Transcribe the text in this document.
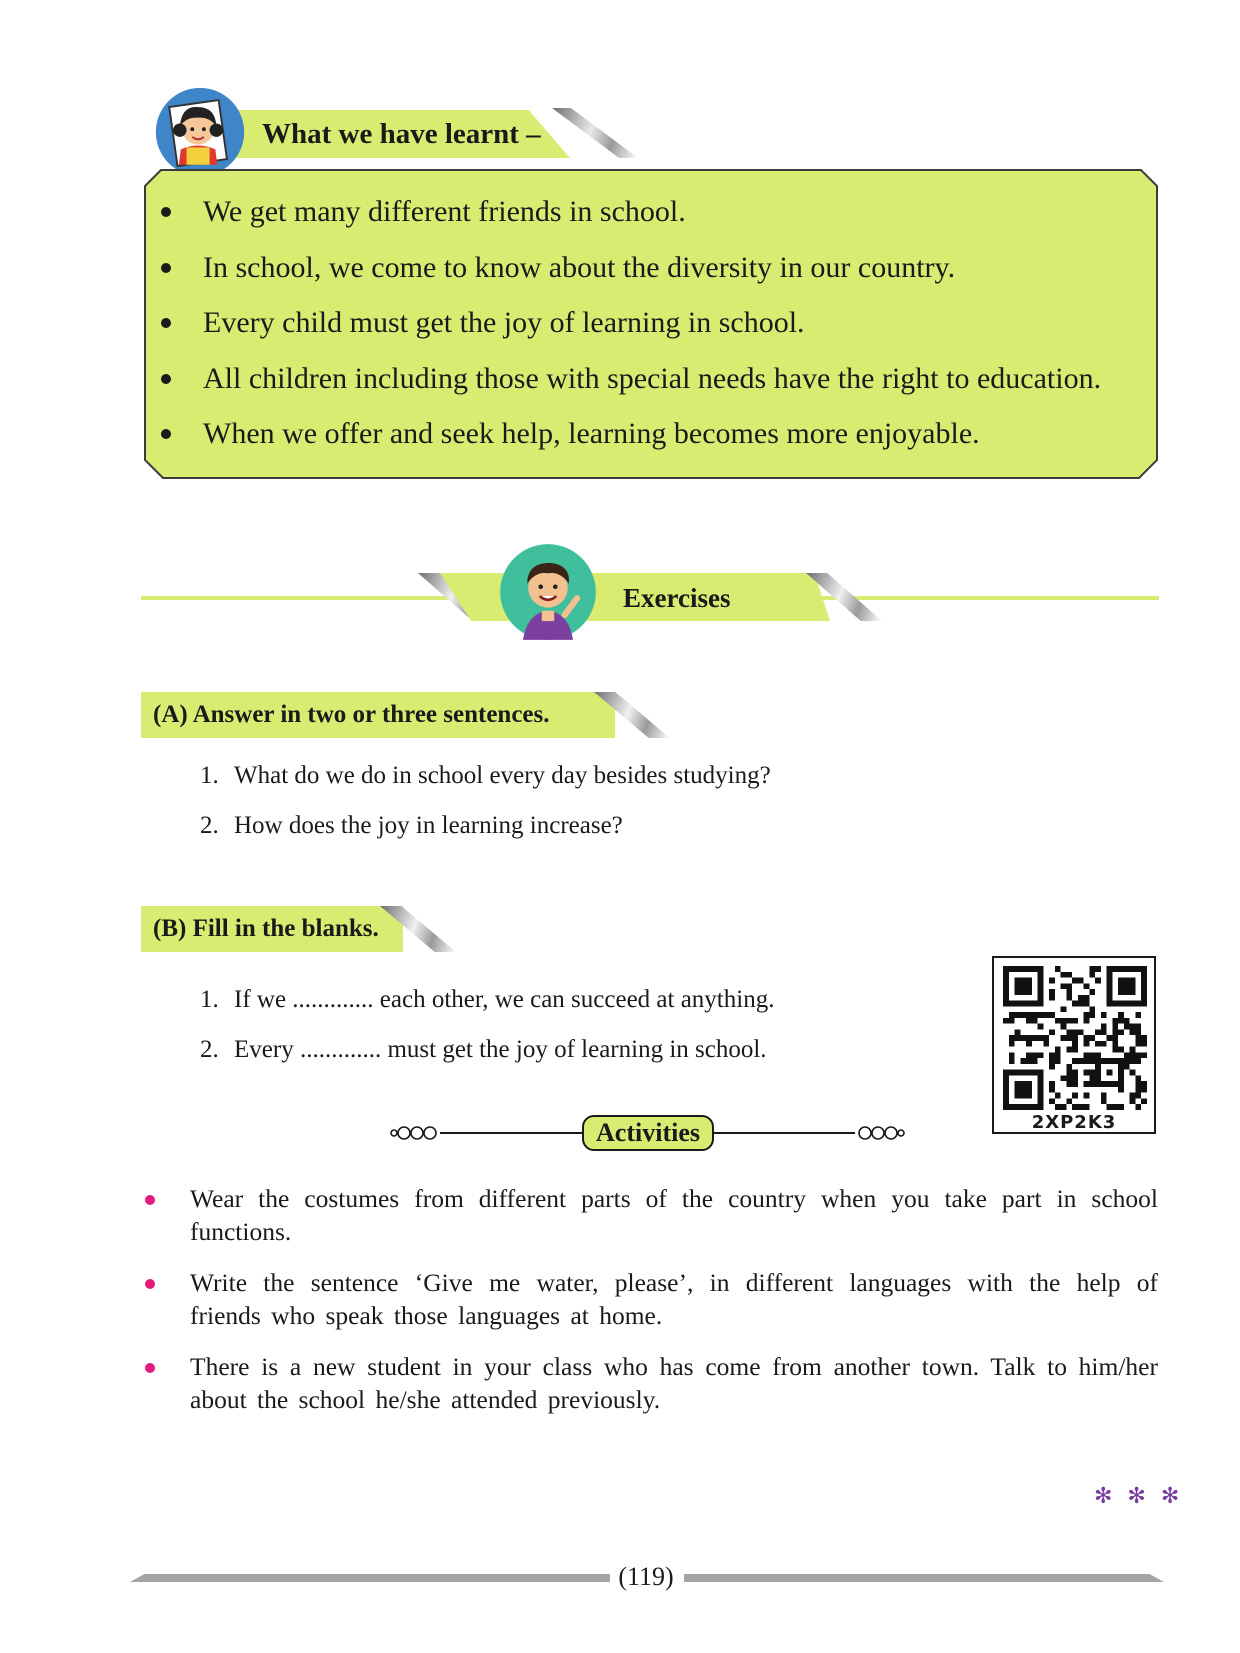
What we have learnt –
We get many different friends in school.
In school, we come to know about the diversity in our country.
Every child must get the joy of learning in school.
All children including those with special needs have the right to education.
When we offer and seek help, learning becomes more enjoyable.
Exercises
(A) Answer in two or three sentences.
1. What do we do in school every day besides studying?
2. How does the joy in learning increase?
(B) Fill in the blanks.
1. If we ............. each other, we can succeed at anything.
2. Every ............. must get the joy of learning in school.
2XP2K3
Activities
Wear the costumes from different parts of the country when you take part in school functions.
Write the sentence ‘Give me water, please’, in different languages with the help of friends who speak those languages at home.
There is a new student in your class who has come from another town. Talk to him/her about the school he/she attended previously.
✻ ✻ ✻
(119)
